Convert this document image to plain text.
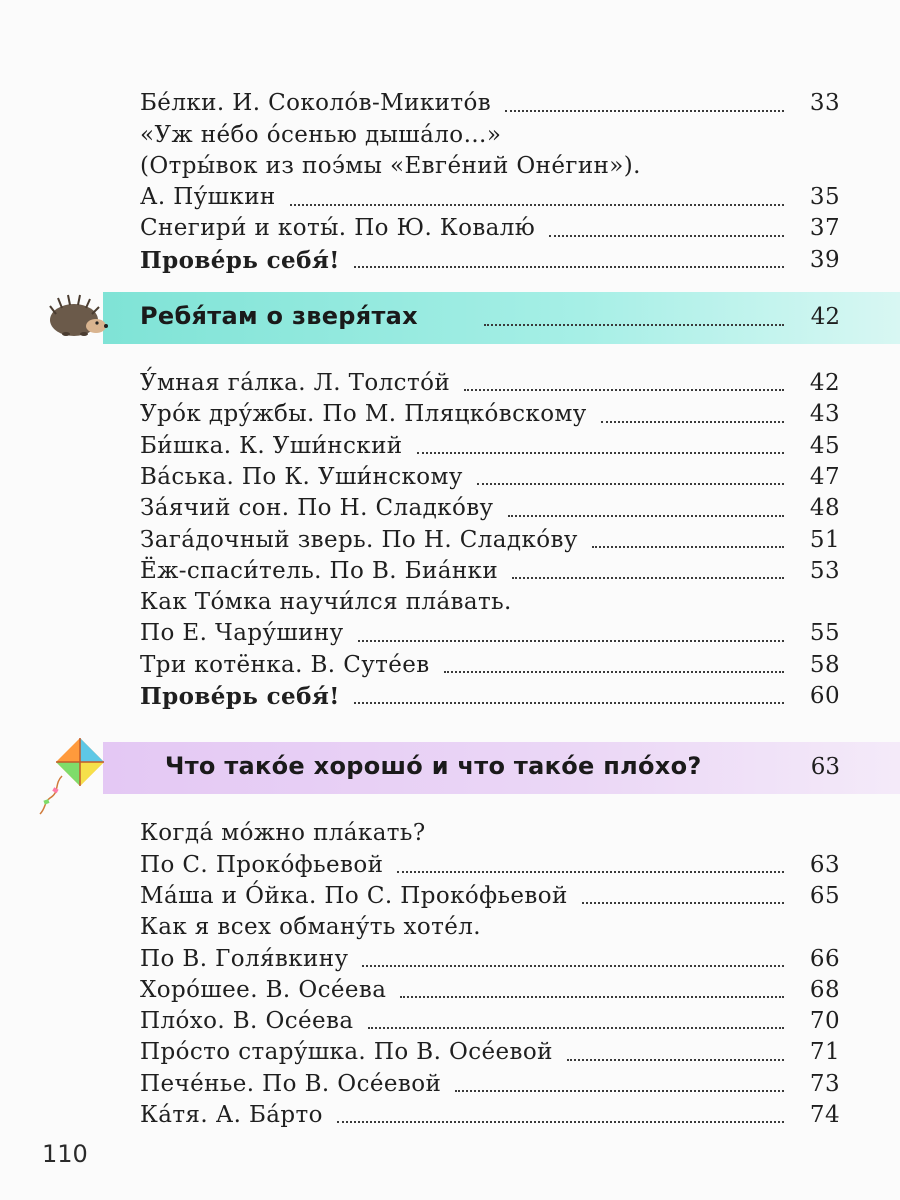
Бе́лки. И. Соколо́в-Микито́в	33
«Уж не́бо о́сенью дыша́ло…»
(Отры́вок из поэ́мы «Евге́ний Оне́гин»).
А. Пу́шкин	35
Снегири́ и коты́. По Ю. Ковалю́	37
Прове́рь себя́!	39
Ребя́там о зверя́тах	42
У́мная га́лка. Л. Толсто́й	42
Уро́к дру́жбы. По М. Пляцко́вскому	43
Би́шка. К. Уши́нский	45
Ва́ська. По К. Уши́нскому	47
За́ячий сон. По Н. Сладко́ву	48
Зага́дочный зверь. По Н. Сладко́ву	51
Ёж-спаси́тель. По В. Биа́нки	53
Как То́мка научи́лся пла́вать.
По Е. Чару́шину	55
Три котёнка. В. Суте́ев	58
Прове́рь себя́!	60
Что тако́е хорошо́ и что тако́е пло́хо?	63
Когда́ мо́жно пла́кать?
По С. Проко́фьевой	63
Ма́ша и О́йка. По С. Проко́фьевой	65
Как я всех обману́ть хоте́л.
По В. Голя́вкину	66
Хоро́шее. В. Осе́ева	68
Пло́хо. В. Осе́ева	70
Про́сто стару́шка. По В. Осе́евой	71
Пече́нье. По В. Осе́евой	73
Ка́тя. А. Ба́рто	74
110
